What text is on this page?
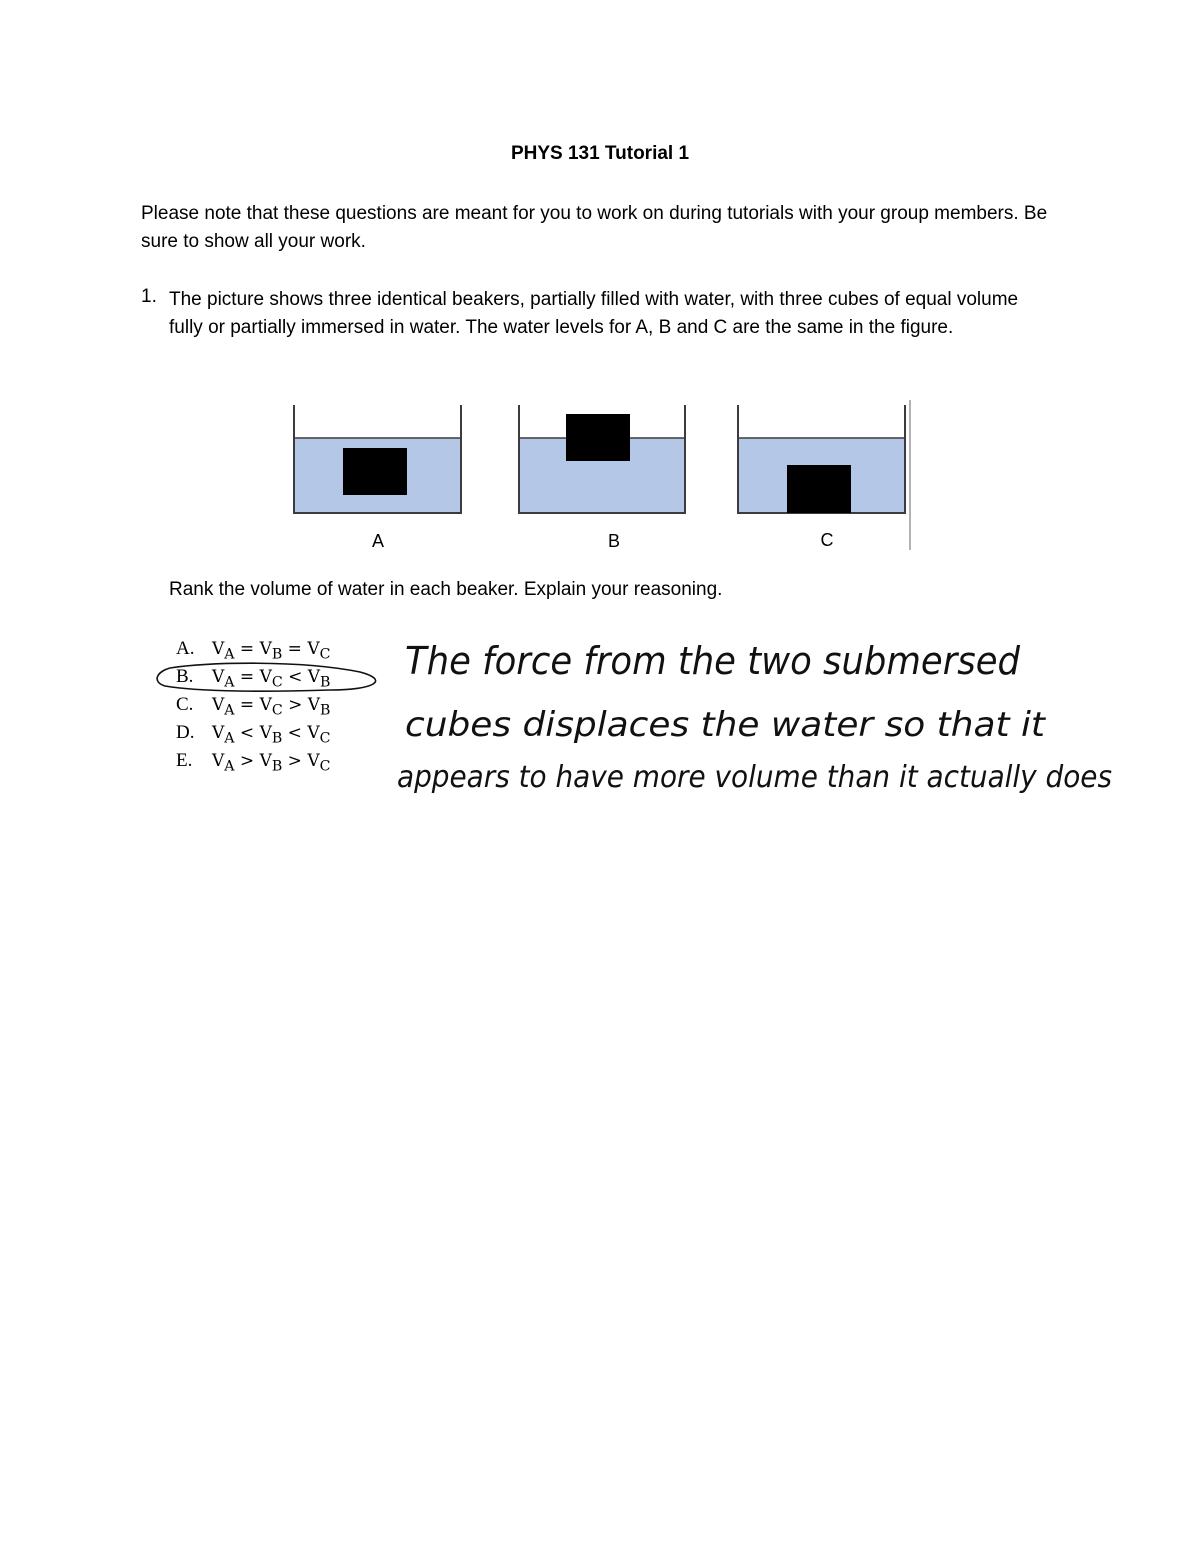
PHYS 131 Tutorial 1
Please note that these questions are meant for you to work on during tutorials with your group members. Be sure to show all your work.
1. The picture shows three identical beakers, partially filled with water, with three cubes of equal volume fully or partially immersed in water. The water levels for A, B and C are the same in the figure.
A	B	C
Rank the volume of water in each beaker. Explain your reasoning.
A. $V_A = V_B = V_C$
B. $V_A = V_C < V_B$
C. $V_A = V_C > V_B$
D. $V_A < V_B < V_C$
E. $V_A > V_B > V_C$
The force from the two submersed
cubes displaces the water so that it
appears to have more volume than it actually does
